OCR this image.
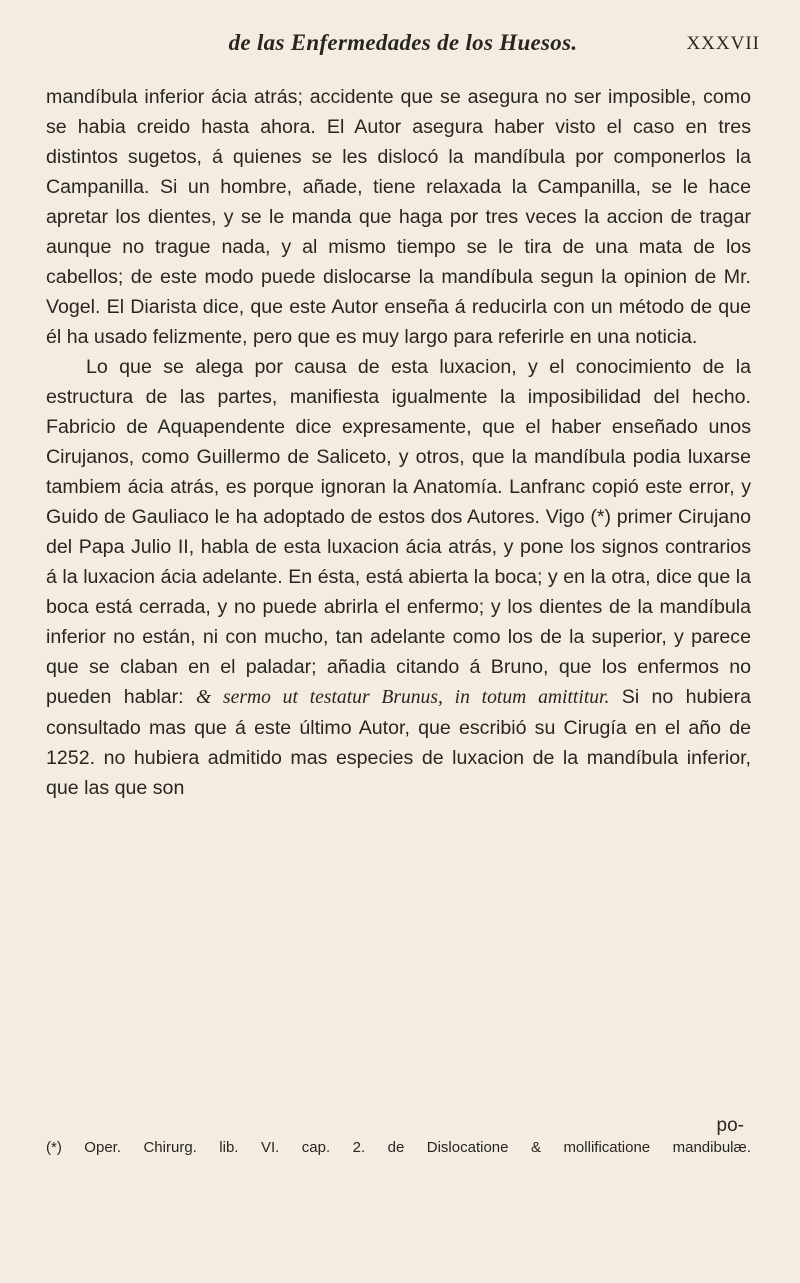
de las Enfermedades de los Huesos.	XXXVII

mandíbula inferior ácia atrás; accidente que se asegura no ser imposible, como se habia creido hasta ahora. El Autor asegura haber visto el caso en tres distintos sugetos, á quienes se les dislocó la mandíbula por componerlos la Campanilla. Si un hombre, añade, tiene relaxada la Campanilla, se le hace apretar los dientes, y se le manda que haga por tres veces la accion de tragar aunque no trague nada, y al mismo tiempo se le tira de una mata de los cabellos; de este modo puede dislocarse la mandíbula segun la opinion de Mr. Vogel. El Diarista dice, que este Autor enseña á reducirla con un método de que él ha usado felizmente, pero que es muy largo para referirle en una noticia.

Lo que se alega por causa de esta luxacion, y el conocimiento de la estructura de las partes, manifiesta igualmente la imposibilidad del hecho. Fabricio de Aquapendente dice expresamente, que el haber enseñado unos Cirujanos, como Guillermo de Saliceto, y otros, que la mandíbula podia luxarse tambiem ácia atrás, es porque ignoran la Anatomía. Lanfranc copió este error, y Guido de Gauliaco le ha adoptado de estos dos Autores. Vigo (*) primer Cirujano del Papa Julio II, habla de esta luxacion ácia atrás, y pone los signos contrarios á la luxacion ácia adelante. En ésta, está abierta la boca; y en la otra, dice que la boca está cerrada, y no puede abrirla el enfermo; y los dientes de la mandíbula inferior no están, ni con mucho, tan adelante como los de la superior, y parece que se claban en el paladar; añadia citando á Bruno, que los enfermos no pueden hablar: & sermo ut testatur Brunus, in totum amittitur. Si no hubiera consultado mas que á este último Autor, que escribió su Cirugía en el año de 1252. no hubiera admitido mas especies de luxacion de la mandíbula inferior, que las que son

po-
(*) Oper. Chirurg. lib. VI. cap. 2. de Dislocatione & mollificatione mandibulæ.
